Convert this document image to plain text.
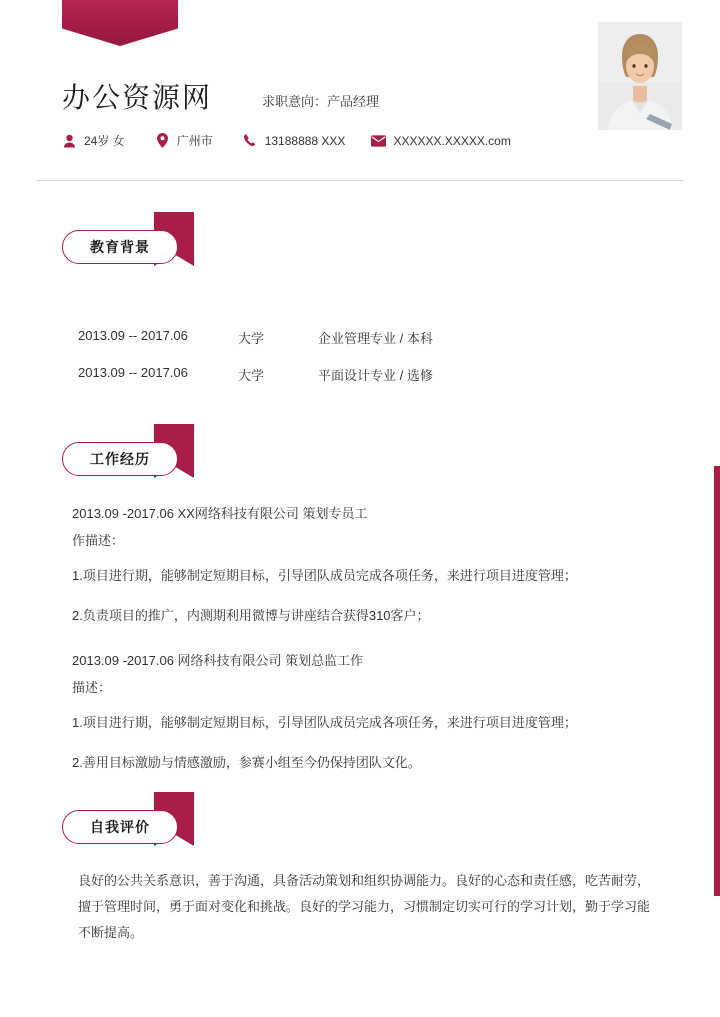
办公资源网	求职意向：产品经理
24岁 女	广州市	13188888 XXX	XXXXXX.XXXXX.com
教育背景
2013.09 -- 2017.06	大学	企业管理专业 / 本科
2013.09 -- 2017.06	大学	平面设计专业 / 选修
工作经历
2013.09 -2017.06 XX网络科技有限公司 策划专员工
作描述：
1.项目进行期，能够制定短期目标，引导团队成员完成各项任务，来进行项目进度管理；
2.负责项目的推广，内测期利用微博与讲座结合获得310客户；
2013.09 -2017.06 网络科技有限公司 策划总监工作
描述：
1.项目进行期，能够制定短期目标，引导团队成员完成各项任务，来进行项目进度管理；
2.善用目标激励与情感激励，参赛小组至今仍保持团队文化。
自我评价
良好的公共关系意识，善于沟通，具备活动策划和组织协调能力。良好的心态和责任感，吃苦耐劳，擅于管理时间，勇于面对变化和挑战。良好的学习能力，习惯制定切实可行的学习计划，勤于学习能不断提高。
